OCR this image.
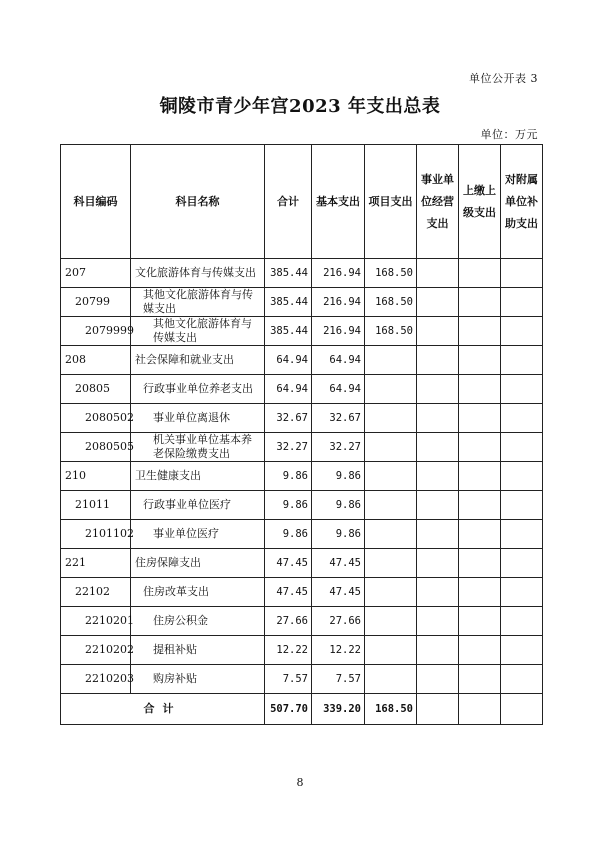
单位公开表 3
铜陵市青少年宫2023 年支出总表
单位：万元
科目编码	科目名称	合计	基本支出	项目支出	事业单位经营支出	上缴上级支出	对附属单位补助支出
207	文化旅游体育与传媒支出	385.44	216.94	168.50			
20799	其他文化旅游体育与传媒支出	385.44	216.94	168.50			
2079999	其他文化旅游体育与传媒支出	385.44	216.94	168.50			
208	社会保障和就业支出	64.94	64.94				
20805	行政事业单位养老支出	64.94	64.94				
2080502	事业单位离退休	32.67	32.67				
2080505	机关事业单位基本养老保险缴费支出	32.27	32.27				
210	卫生健康支出	9.86	9.86				
21011	行政事业单位医疗	9.86	9.86				
2101102	事业单位医疗	9.86	9.86				
221	住房保障支出	47.45	47.45				
22102	住房改革支出	47.45	47.45				
2210201	住房公积金	27.66	27.66				
2210202	提租补贴	12.22	12.22				
2210203	购房补贴	7.57	7.57				
合计		507.70	339.20	168.50			
8
